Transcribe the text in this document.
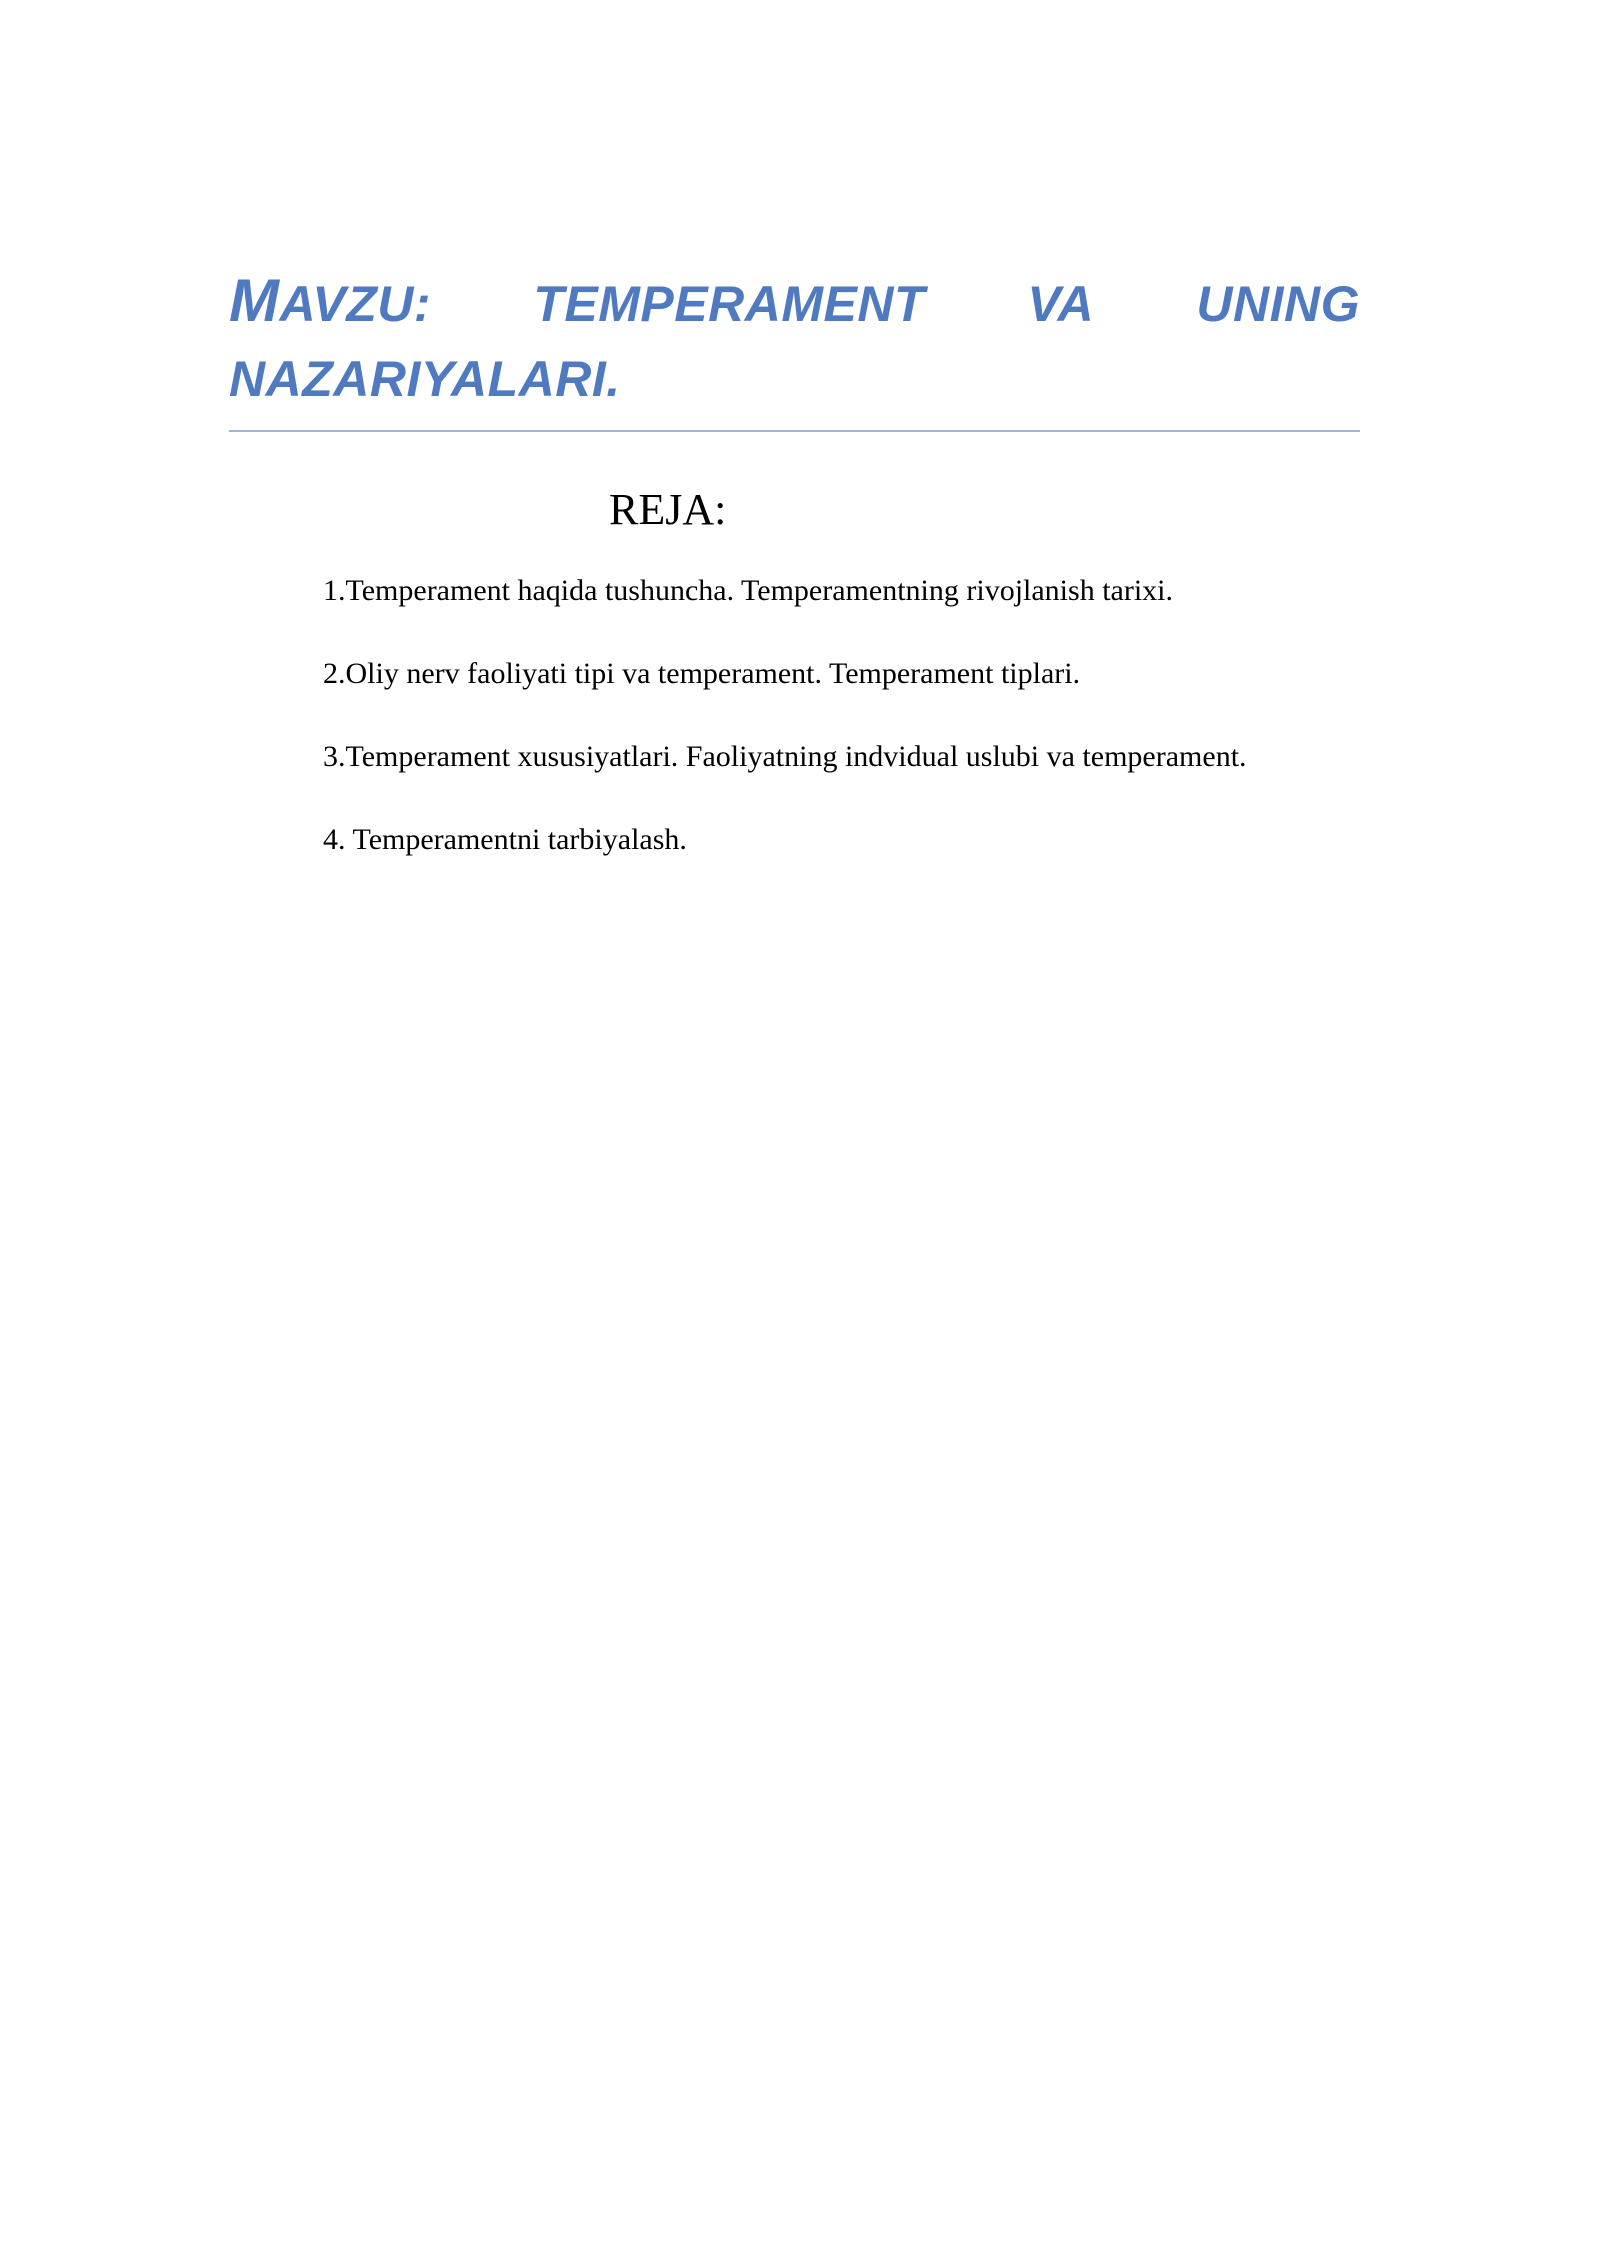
MAVZU: TEMPERAMENT VA UNING
NAZARIYALARI.
REJA:
1.Temperament haqida tushuncha. Temperamentning rivojlanish tarixi.
2.Oliy nerv faoliyati tipi va temperament. Temperament tiplari.
3.Temperament xususiyatlari. Faoliyatning indvidual uslubi va temperament.
4. Temperamentni tarbiyalash.
